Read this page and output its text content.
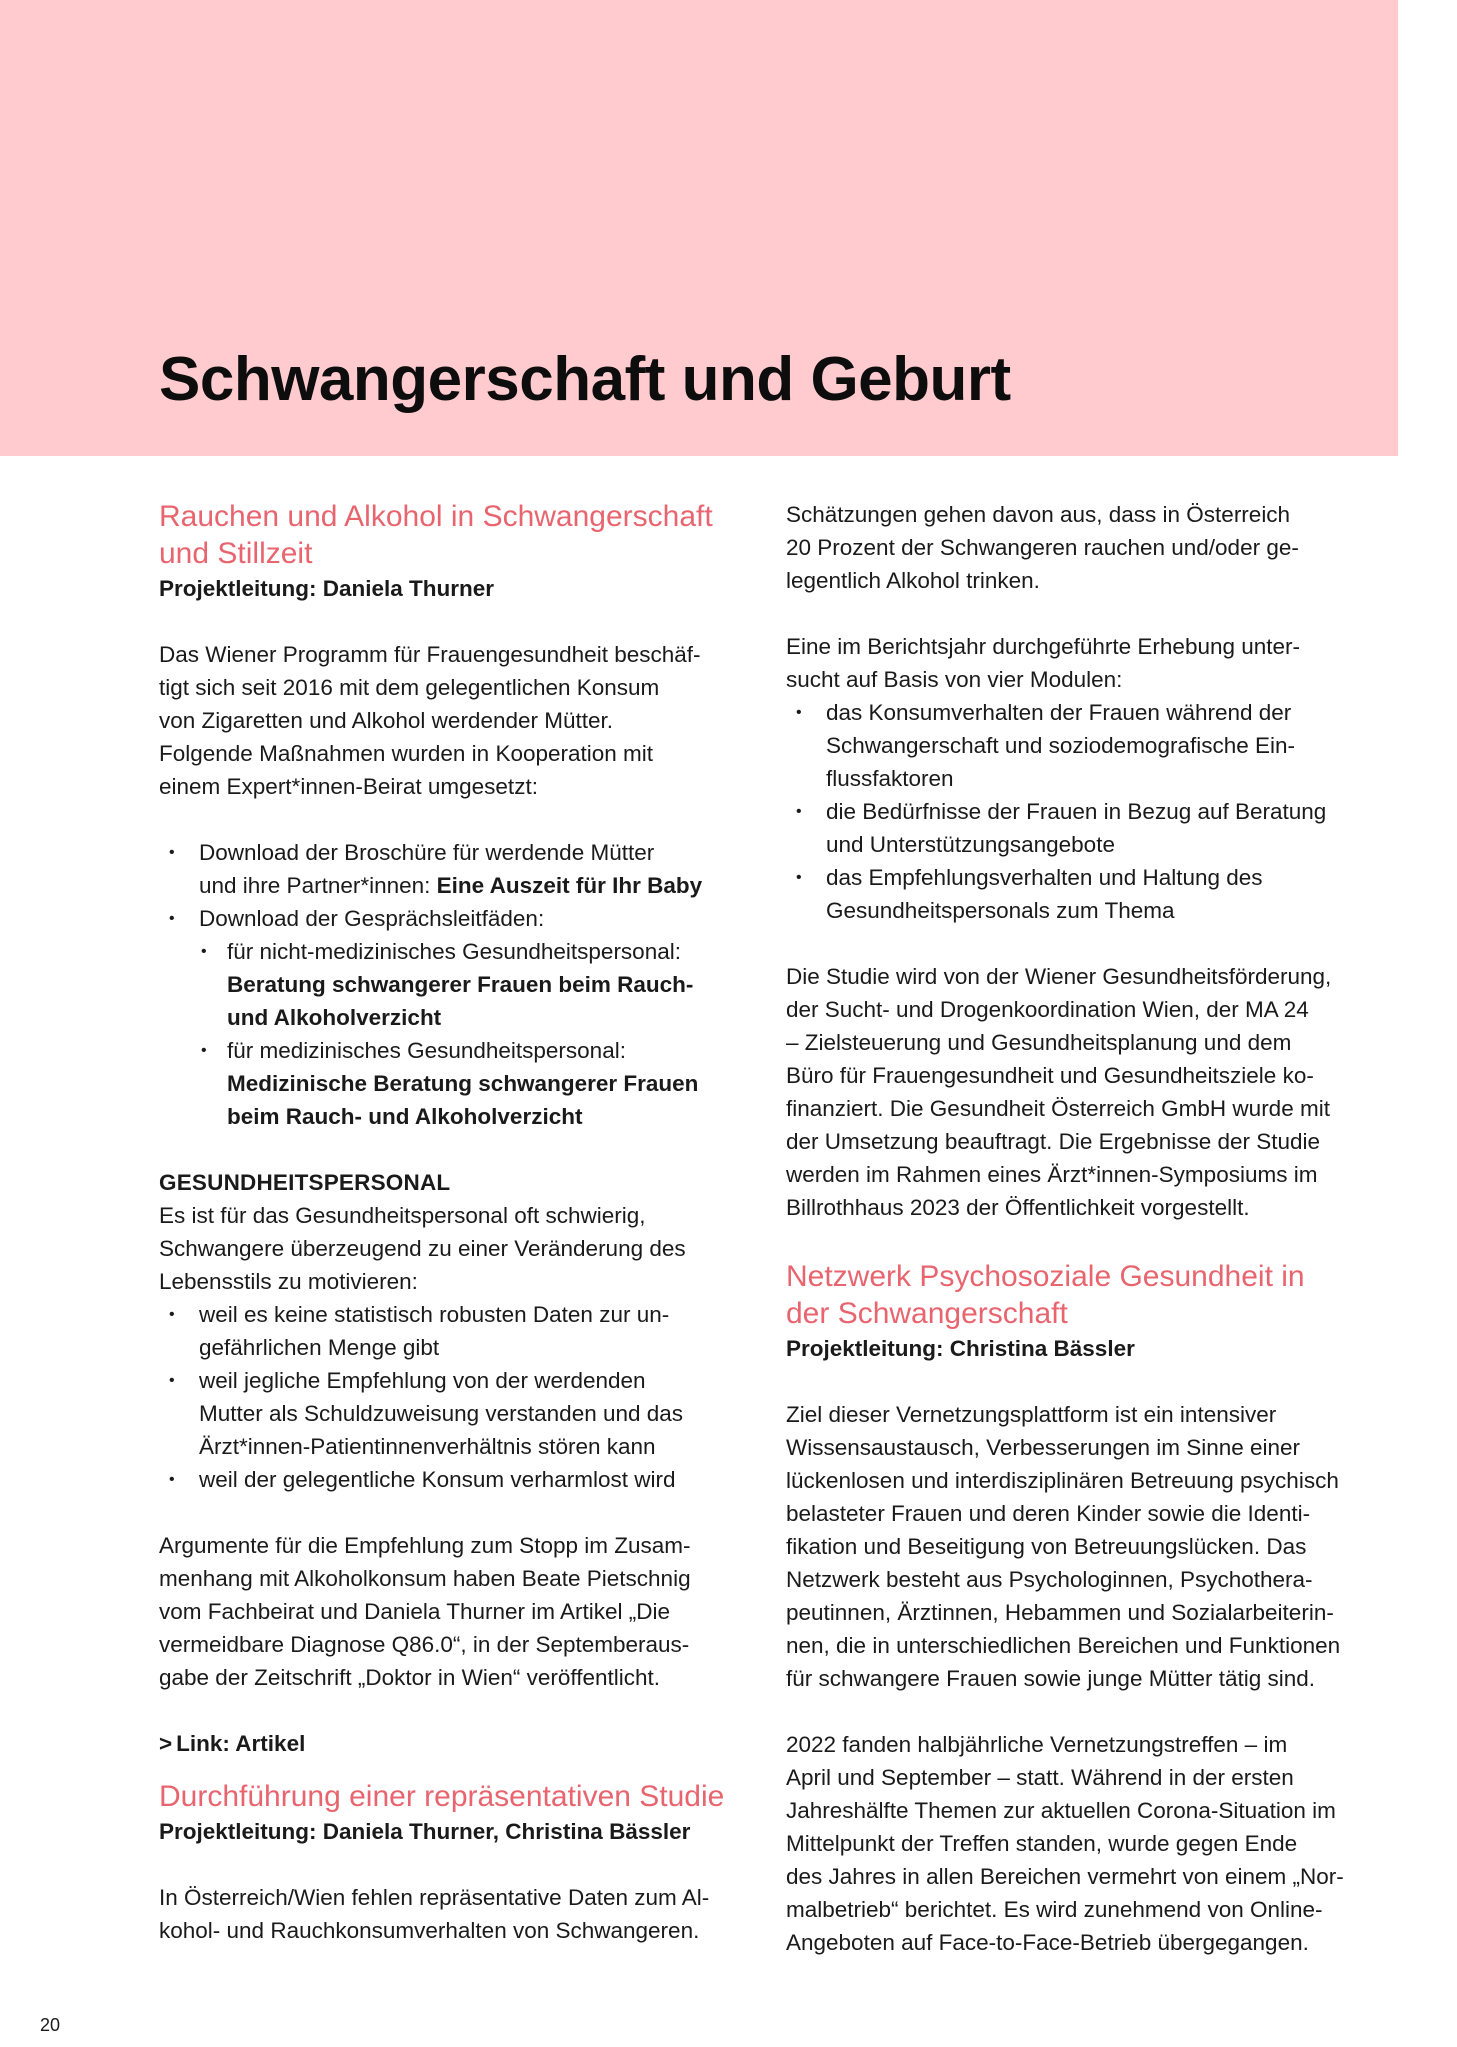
Schwangerschaft und Geburt
Rauchen und Alkohol in Schwangerschaft
und Stillzeit

Projektleitung: Daniela Thurner

Das Wiener Programm für Frauengesundheit beschäf-
tigt sich seit 2016 mit dem gelegentlichen Konsum
von Zigaretten und Alkohol werdender Mütter.
Folgende Maßnahmen wurden in Kooperation mit
einem Expert*innen-Beirat umgesetzt:

• Download der Broschüre für werdende Mütter
und ihre Partner*innen: Eine Auszeit für Ihr Baby
• Download der Gesprächsleitfäden:
• für nicht-medizinisches Gesundheitspersonal:
Beratung schwangerer Frauen beim Rauch-
und Alkoholverzicht
• für medizinisches Gesundheitspersonal:
Medizinische Beratung schwangerer Frauen
beim Rauch- und Alkoholverzicht

GESUNDHEITSPERSONAL

Es ist für das Gesundheitspersonal oft schwierig,
Schwangere überzeugend zu einer Veränderung des
Lebensstils zu motivieren:

• weil es keine statistisch robusten Daten zur un-
gefährlichen Menge gibt
• weil jegliche Empfehlung von der werdenden
Mutter als Schuldzuweisung verstanden und das
Ärzt*innen-Patientinnenverhältnis stören kann
• weil der gelegentliche Konsum verharmlost wird

Argumente für die Empfehlung zum Stopp im Zusam-
menhang mit Alkoholkonsum haben Beate Pietschnig
vom Fachbeirat und Daniela Thurner im Artikel „Die
vermeidbare Diagnose Q86.0“, in der Septemberaus-
gabe der Zeitschrift „Doktor in Wien“ veröffentlicht.

> Link: Artikel

Durchführung einer repräsentativen Studie

Projektleitung: Daniela Thurner, Christina Bässler

In Österreich/Wien fehlen repräsentative Daten zum Al-
kohol- und Rauchkonsumverhalten von Schwangeren.

Schätzungen gehen davon aus, dass in Österreich
20 Prozent der Schwangeren rauchen und/oder ge-
legentlich Alkohol trinken.

Eine im Berichtsjahr durchgeführte Erhebung unter-
sucht auf Basis von vier Modulen:

• das Konsumverhalten der Frauen während der
Schwangerschaft und soziodemografische Ein-
flussfaktoren
• die Bedürfnisse der Frauen in Bezug auf Beratung
und Unterstützungsangebote
• das Empfehlungsverhalten und Haltung des
Gesundheitspersonals zum Thema

Die Studie wird von der Wiener Gesundheitsförderung,
der Sucht- und Drogenkoordination Wien, der MA 24
– Zielsteuerung und Gesundheitsplanung und dem
Büro für Frauengesundheit und Gesundheitsziele ko-
finanziert. Die Gesundheit Österreich GmbH wurde mit
der Umsetzung beauftragt. Die Ergebnisse der Studie
werden im Rahmen eines Ärzt*innen-Symposiums im
Billrothhaus 2023 der Öffentlichkeit vorgestellt.

Netzwerk Psychosoziale Gesundheit in
der Schwangerschaft

Projektleitung: Christina Bässler

Ziel dieser Vernetzungsplattform ist ein intensiver
Wissensaustausch, Verbesserungen im Sinne einer
lückenlosen und interdisziplinären Betreuung psychisch
belasteter Frauen und deren Kinder sowie die Identi-
fikation und Beseitigung von Betreuungslücken. Das
Netzwerk besteht aus Psychologinnen, Psychothera-
peutinnen, Ärztinnen, Hebammen und Sozialarbeiterin-
nen, die in unterschiedlichen Bereichen und Funktionen
für schwangere Frauen sowie junge Mütter tätig sind.

2022 fanden halbjährliche Vernetzungstreffen – im
April und September – statt. Während in der ersten
Jahreshälfte Themen zur aktuellen Corona-Situation im
Mittelpunkt der Treffen standen, wurde gegen Ende
des Jahres in allen Bereichen vermehrt von einem „Nor-
malbetrieb“ berichtet. Es wird zunehmend von Online-
Angeboten auf Face-to-Face-Betrieb übergegangen.

20
